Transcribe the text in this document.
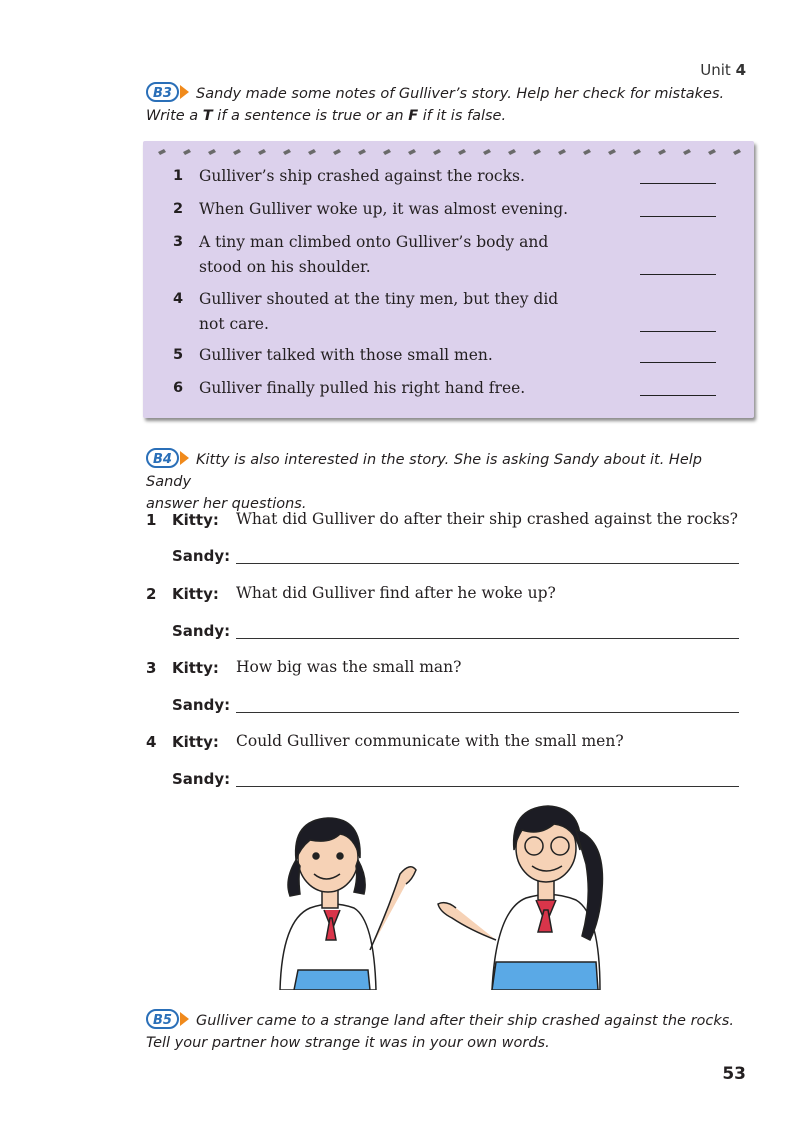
Unit 4
B3 Sandy made some notes of Gulliver’s story. Help her check for mistakes.
Write a T if a sentence is true or an F if it is false.
1 Gulliver’s ship crashed against the rocks.
2 When Gulliver woke up, it was almost evening.
3 A tiny man climbed onto Gulliver’s body and
stood on his shoulder.
4 Gulliver shouted at the tiny men, but they did
not care.
5 Gulliver talked with those small men.
6 Gulliver finally pulled his right hand free.
B4 Kitty is also interested in the story. She is asking Sandy about it. Help Sandy
answer her questions.
1 Kitty: What did Gulliver do after their ship crashed against the rocks?
Sandy:
2 Kitty: What did Gulliver find after he woke up?
Sandy:
3 Kitty: How big was the small man?
Sandy:
4 Kitty: Could Gulliver communicate with the small men?
Sandy:
B5 Gulliver came to a strange land after their ship crashed against the rocks.
Tell your partner how strange it was in your own words.
53
